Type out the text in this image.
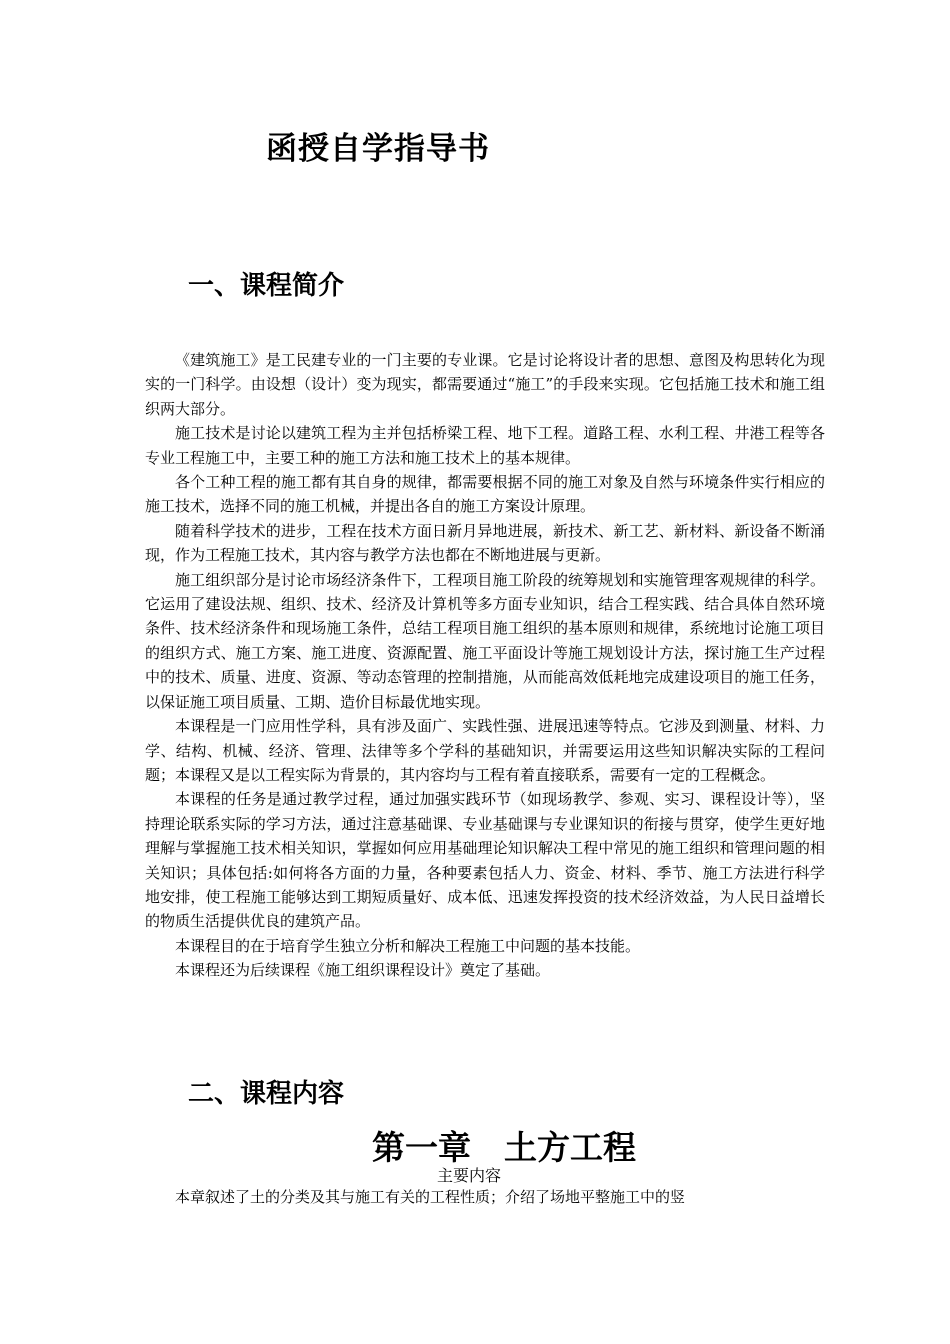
函授自学指导书
一、课程简介

《建筑施工》是工民建专业的一门主要的专业课。它是讨论将设计者的思想、意图及构思转化为现实的一门科学。由设想（设计）变为现实，都需要通过“施工”的手段来实现。它包括施工技术和施工组织两大部分。

施工技术是讨论以建筑工程为主并包括桥梁工程、地下工程。道路工程、水利工程、井港工程等各专业工程施工中，主要工种的施工方法和施工技术上的基本规律。

各个工种工程的施工都有其自身的规律，都需要根据不同的施工对象及自然与环境条件实行相应的施工技术，选择不同的施工机械，并提出各自的施工方案设计原理。

随着科学技术的进步，工程在技术方面日新月异地进展，新技术、新工艺、新材料、新设备不断涌现，作为工程施工技术，其内容与教学方法也都在不断地进展与更新。

施工组织部分是讨论市场经济条件下，工程项目施工阶段的统筹规划和实施管理客观规律的科学。它运用了建设法规、组织、技术、经济及计算机等多方面专业知识，结合工程实践、结合具体自然环境条件、技术经济条件和现场施工条件，总结工程项目施工组织的基本原则和规律，系统地讨论施工项目的组织方式、施工方案、施工进度、资源配置、施工平面设计等施工规划设计方法，探讨施工生产过程中的技术、质量、进度、资源、等动态管理的控制措施，从而能高效低耗地完成建设项目的施工任务，以保证施工项目质量、工期、造价目标最优地实现。

本课程是一门应用性学科，具有涉及面广、实践性强、进展迅速等特点。它涉及到测量、材料、力学、结构、机械、经济、管理、法律等多个学科的基础知识，并需要运用这些知识解决实际的工程问题；本课程又是以工程实际为背景的，其内容均与工程有着直接联系，需要有一定的工程概念。

本课程的任务是通过教学过程，通过加强实践环节（如现场教学、参观、实习、课程设计等），坚持理论联系实际的学习方法，通过注意基础课、专业基础课与专业课知识的衔接与贯穿，使学生更好地理解与掌握施工技术相关知识，掌握如何应用基础理论知识解决工程中常见的施工组织和管理问题的相关知识；具体包括:如何将各方面的力量，各种要素包括人力、资金、材料、季节、施工方法进行科学地安排，使工程施工能够达到工期短质量好、成本低、迅速发挥投资的技术经济效益，为人民日益增长的物质生活提供优良的建筑产品。

本课程目的在于培育学生独立分析和解决工程施工中问题的基本技能。

本课程还为后续课程《施工组织课程设计》奠定了基础。

二、课程内容
第一章　土方工程
主要内容

本章叙述了土的分类及其与施工有关的工程性质；介绍了场地平整施工中的竖
